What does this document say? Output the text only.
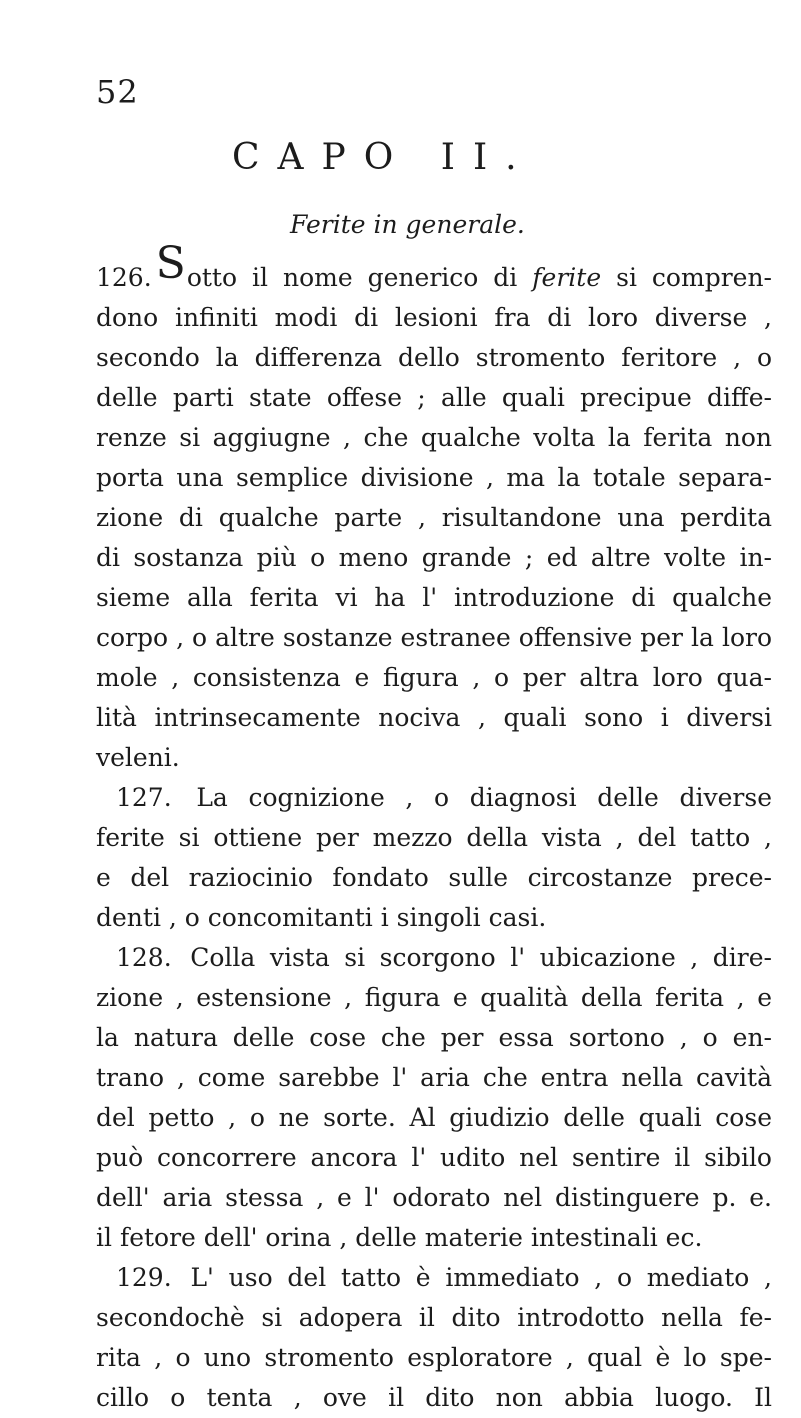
52
CAPO II.
Ferite in generale.
126.Sotto il nome generico di ferite si compren-
dono infiniti modi di lesioni fra di loro diverse ,
secondo la differenza dello stromento feritore , o
delle parti state offese ; alle quali precipue diffe-
renze si aggiugne , che qualche volta la ferita non
porta una semplice divisione , ma la totale separa-
zione di qualche parte , risultandone una perdita
di sostanza più o meno grande ; ed altre volte in-
sieme alla ferita vi ha l' introduzione di qualche
corpo , o altre sostanze estranee offensive per la loro
mole , consistenza e figura , o per altra loro qua-
lità intrinsecamente nociva , quali sono i diversi
veleni.
127. La cognizione , o diagnosi delle diverse
ferite si ottiene per mezzo della vista , del tatto ,
e del raziocinio fondato sulle circostanze prece-
denti , o concomitanti i singoli casi.
128. Colla vista si scorgono l' ubicazione , dire-
zione , estensione , figura e qualità della ferita , e
la natura delle cose che per essa sortono , o en-
trano , come sarebbe l' aria che entra nella cavità
del petto , o ne sorte. Al giudizio delle quali cose
può concorrere ancora l' udito nel sentire il sibilo
dell' aria stessa , e l' odorato nel distinguere p. e.
il fetore dell' orina , delle materie intestinali ec.
129. L' uso del tatto è immediato , o mediato ,
secondochè si adopera il dito introdotto nella fe-
rita , o uno stromento esploratore , qual è lo spe-
cillo o tenta , ove il dito non abbia luogo. Il
